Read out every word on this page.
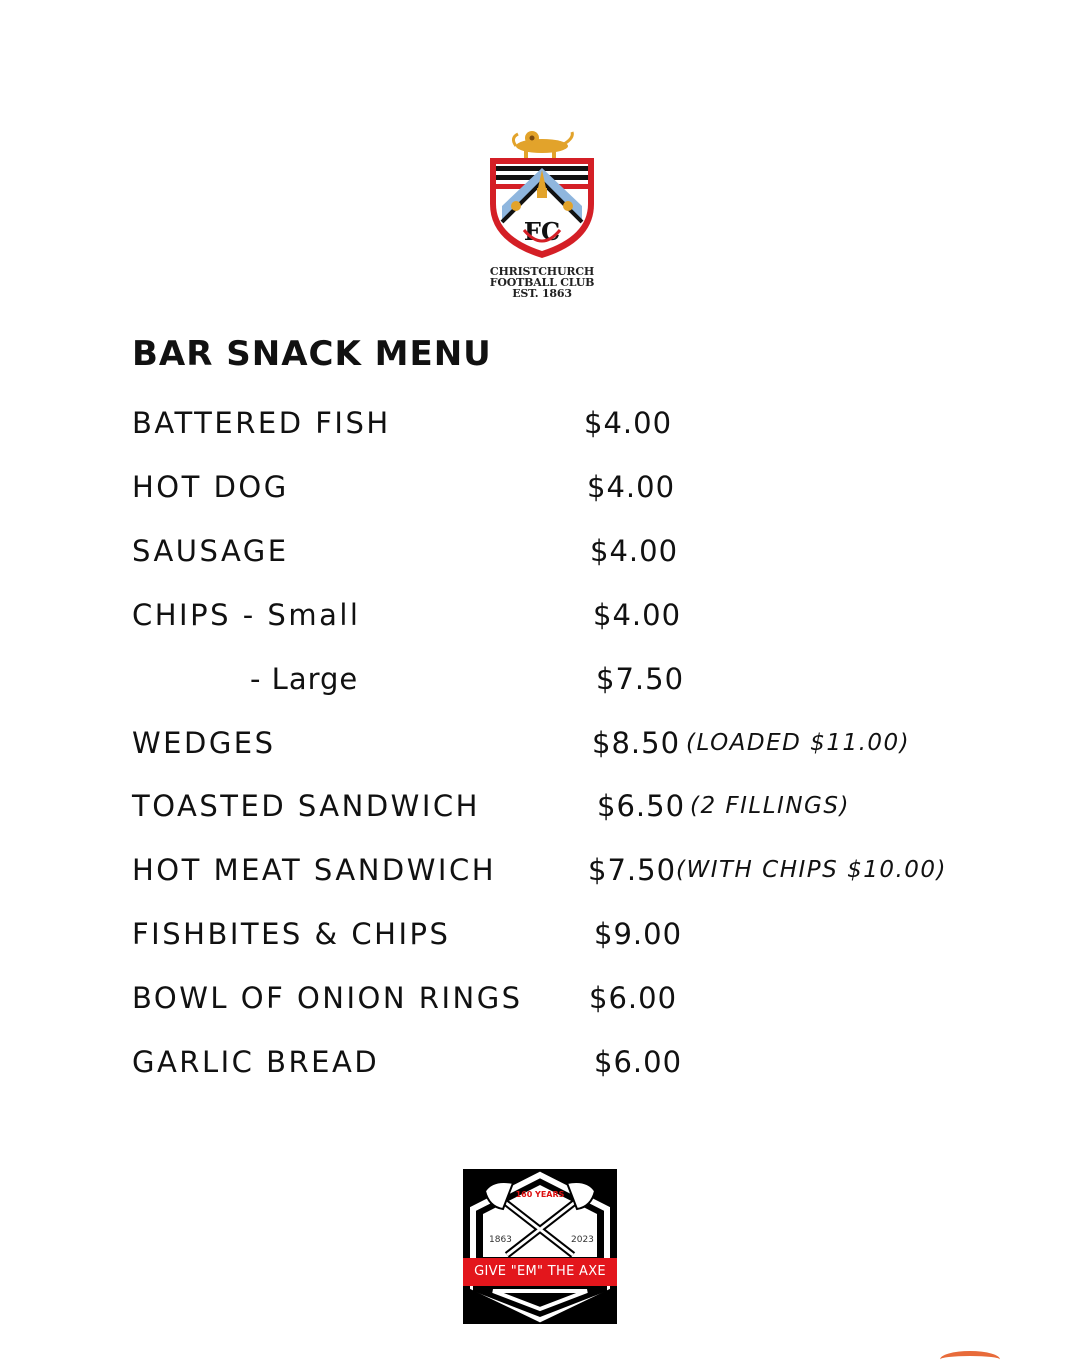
FC
CHRISTCHURCH
FOOTBALL CLUB
EST. 1863
BAR SNACK MENU
BATTERED FISH	$4.00
HOT DOG	$4.00
SAUSAGE	$4.00
CHIPS - Small	$4.00
- Large	$7.50
WEDGES	$8.50 (LOADED $11.00)
TOASTED SANDWICH	$6.50 (2 FILLINGS)
HOT MEAT SANDWICH	$7.50 (WITH CHIPS $10.00)
FISHBITES & CHIPS	$9.00
BOWL OF ONION RINGS $6.00
GARLIC BREAD	$6.00
160 YEARS
1863	2023
GIVE "EM" THE AXE
